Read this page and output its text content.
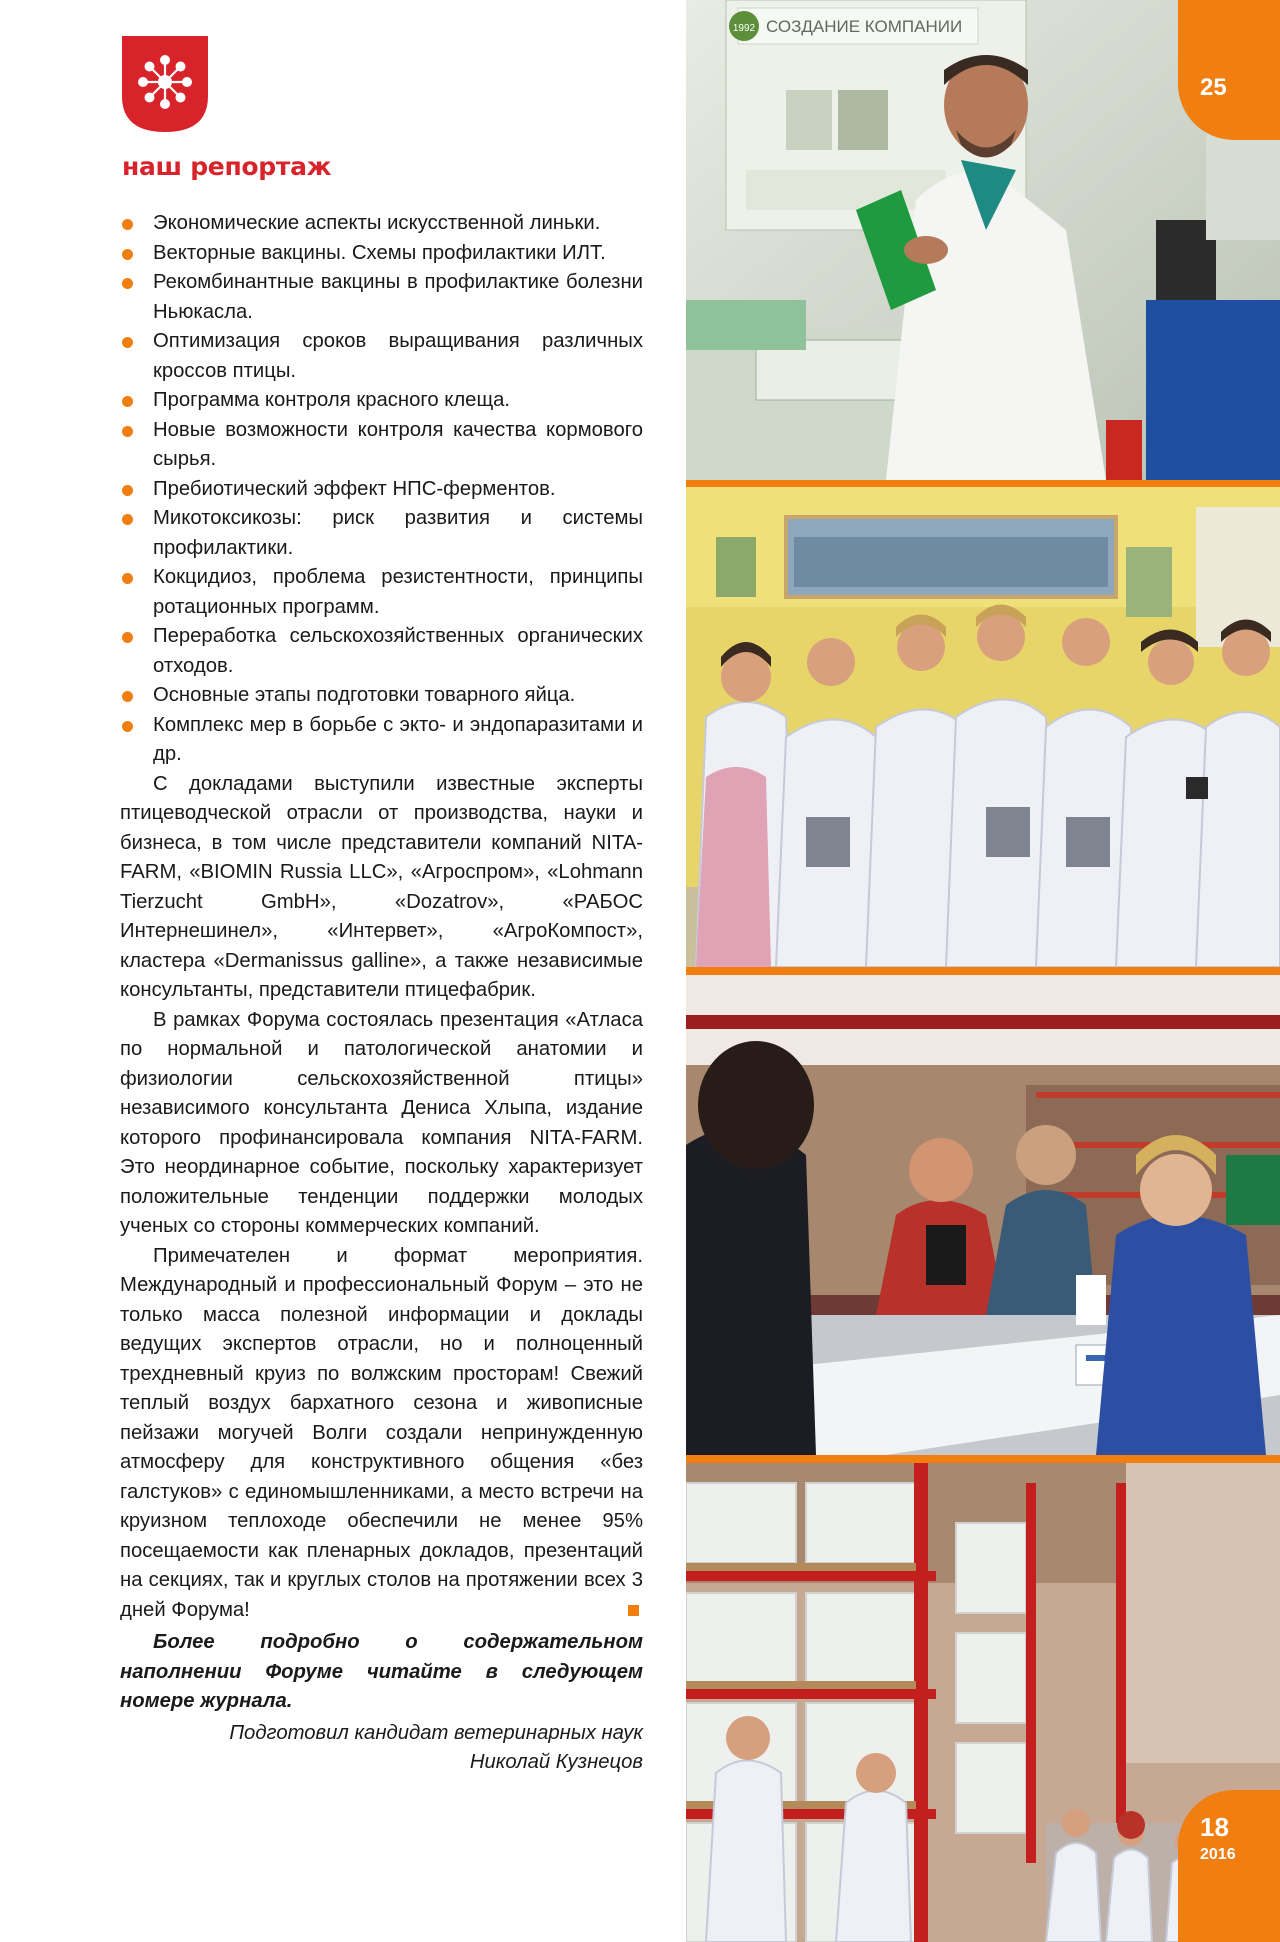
наш репортаж
Экономические аспекты искусственной линьки.
Векторные вакцины. Схемы профилактики ИЛТ.
Рекомбинантные вакцины в профилактике болезни Ньюкасла.
Оптимизация сроков выращивания различных кроссов птицы.
Программа контроля красного клеща.
Новые возможности контроля качества кормового сырья.
Пребиотический эффект НПС-ферментов.
Микотоксикозы: риск развития и системы профилактики.
Кокцидиоз, проблема резистентности, принципы ротационных программ.
Переработка сельскохозяйственных органических отходов.
Основные этапы подготовки товарного яйца.
Комплекс мер в борьбе с экто- и эндопаразитами и др.

С докладами выступили известные эксперты птицеводческой отрасли от производства, науки и бизнеса, в том числе представители компаний NITA-FARM, «BIOMIN Russia LLC», «Агроспром», «Lohmann Tierzucht GmbH», «Dozatrov», «РАБОС Интернешинел», «Интервет», «АгроКомпост», кластера «Dermanissus galline», а также независимые консультанты, представители птицефабрик.

В рамках Форума состоялась презентация «Атласа по нормальной и патологической анатомии и физиологии сельскохозяйственной птицы» независимого консультанта Дениса Хлыпа, издание которого профинансировала компания NITA-FARM. Это неординарное событие, поскольку характеризует положительные тенденции поддержки молодых ученых со стороны коммерческих компаний.

Примечателен и формат мероприятия. Международный и профессиональный Форум – это не только масса полезной информации и доклады ведущих экспертов отрасли, но и полноценный трехдневный круиз по волжским просторам! Свежий теплый воздух бархатного сезона и живописные пейзажи могучей Волги создали непринужденную атмосферу для конструктивного общения «без галстуков» с единомышленниками, а место встречи на круизном теплоходе обеспечили не менее 95% посещаемости как пленарных докладов, презентаций на секциях, так и круглых столов на протяжении всех 3 дней Форума!

Более подробно о содержательном наполнении Форуме читайте в следующем номере журнала.

Подготовил кандидат ветеринарных наук
Николай Кузнецов

1992 СОЗДАНИЕ КОМПАНИИ
25
18
2016
